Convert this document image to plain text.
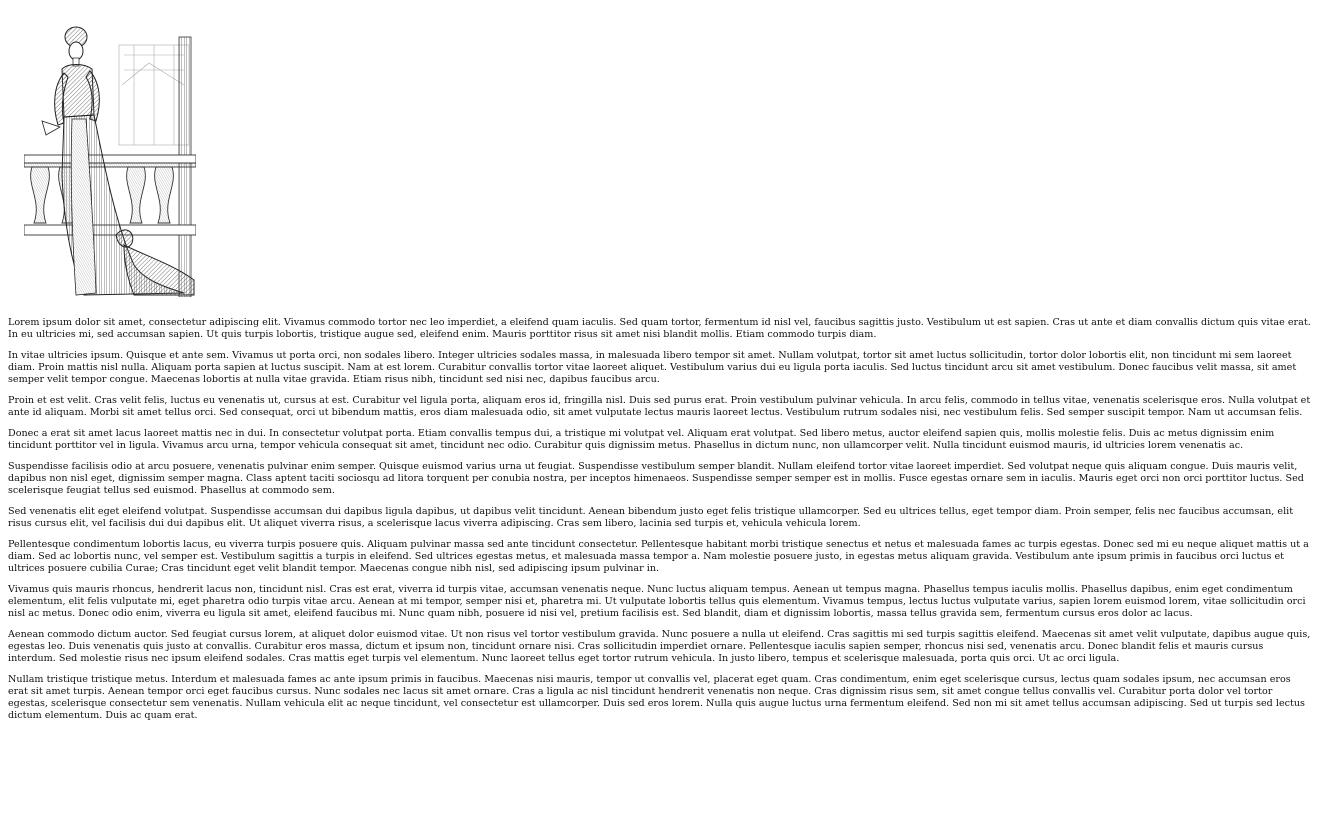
Lorem ipsum dolor sit amet, consectetur adipiscing elit. Vivamus commodo tortor nec leo imperdiet, a eleifend quam iaculis. Sed quam tortor, fermentum id nisl vel, faucibus sagittis justo. Vestibulum ut est sapien. Cras ut ante et diam convallis dictum quis vitae erat. In eu ultricies mi, sed accumsan sapien. Ut quis turpis lobortis, tristique augue sed, eleifend enim. Mauris porttitor risus sit amet nisi blandit mollis. Etiam commodo turpis diam.

In vitae ultricies ipsum. Quisque et ante sem. Vivamus ut porta orci, non sodales libero. Integer ultricies sodales massa, in malesuada libero tempor sit amet. Nullam volutpat, tortor sit amet luctus sollicitudin, tortor dolor lobortis elit, non tincidunt mi sem laoreet diam. Proin mattis nisl nulla. Aliquam porta sapien at luctus suscipit. Nam at est lorem. Curabitur convallis tortor vitae laoreet aliquet. Vestibulum varius dui eu ligula porta iaculis. Sed luctus tincidunt arcu sit amet vestibulum. Donec faucibus velit massa, sit amet semper velit tempor congue. Maecenas lobortis at nulla vitae gravida. Etiam risus nibh, tincidunt sed nisi nec, dapibus faucibus arcu.

Proin et est velit. Cras velit felis, luctus eu venenatis ut, cursus at est. Curabitur vel ligula porta, aliquam eros id, fringilla nisl. Duis sed purus erat. Proin vestibulum pulvinar vehicula. In arcu felis, commodo in tellus vitae, venenatis scelerisque eros. Nulla volutpat et ante id aliquam. Morbi sit amet tellus orci. Sed consequat, orci ut bibendum mattis, eros diam malesuada odio, sit amet vulputate lectus mauris laoreet lectus. Vestibulum rutrum sodales nisi, nec vestibulum felis. Sed semper suscipit tempor. Nam ut accumsan felis.

Donec a erat sit amet lacus laoreet mattis nec in dui. In consectetur volutpat porta. Etiam convallis tempus dui, a tristique mi volutpat vel. Aliquam erat volutpat. Sed libero metus, auctor eleifend sapien quis, mollis molestie felis. Duis ac metus dignissim enim tincidunt porttitor vel in ligula. Vivamus arcu urna, tempor vehicula consequat sit amet, tincidunt nec odio. Curabitur quis dignissim metus. Phasellus in dictum nunc, non ullamcorper velit. Nulla tincidunt euismod mauris, id ultricies lorem venenatis ac.

Suspendisse facilisis odio at arcu posuere, venenatis pulvinar enim semper. Quisque euismod varius urna ut feugiat. Suspendisse vestibulum semper blandit. Nullam eleifend tortor vitae laoreet imperdiet. Sed volutpat neque quis aliquam congue. Duis mauris velit, dapibus non nisl eget, dignissim semper magna. Class aptent taciti sociosqu ad litora torquent per conubia nostra, per inceptos himenaeos. Suspendisse semper semper est in mollis. Fusce egestas ornare sem in iaculis. Mauris eget orci non orci porttitor luctus. Sed scelerisque feugiat tellus sed euismod. Phasellus at commodo sem.

Sed venenatis elit eget eleifend volutpat. Suspendisse accumsan dui dapibus ligula dapibus, ut dapibus velit tincidunt. Aenean bibendum justo eget felis tristique ullamcorper. Sed eu ultrices tellus, eget tempor diam. Proin semper, felis nec faucibus accumsan, elit risus cursus elit, vel facilisis dui dui dapibus elit. Ut aliquet viverra risus, a scelerisque lacus viverra adipiscing. Cras sem libero, lacinia sed turpis et, vehicula vehicula lorem.

Pellentesque condimentum lobortis lacus, eu viverra turpis posuere quis. Aliquam pulvinar massa sed ante tincidunt consectetur. Pellentesque habitant morbi tristique senectus et netus et malesuada fames ac turpis egestas. Donec sed mi eu neque aliquet mattis ut a diam. Sed ac lobortis nunc, vel semper est. Vestibulum sagittis a turpis in eleifend. Sed ultrices egestas metus, et malesuada massa tempor a. Nam molestie posuere justo, in egestas metus aliquam gravida. Vestibulum ante ipsum primis in faucibus orci luctus et ultrices posuere cubilia Curae; Cras tincidunt eget velit blandit tempor. Maecenas congue nibh nisl, sed adipiscing ipsum pulvinar in.

Vivamus quis mauris rhoncus, hendrerit lacus non, tincidunt nisl. Cras est erat, viverra id turpis vitae, accumsan venenatis neque. Nunc luctus aliquam tempus. Aenean ut tempus magna. Phasellus tempus iaculis mollis. Phasellus dapibus, enim eget condimentum elementum, elit felis vulputate mi, eget pharetra odio turpis vitae arcu. Aenean at mi tempor, semper nisi et, pharetra mi. Ut vulputate lobortis tellus quis elementum. Vivamus tempus, lectus luctus vulputate varius, sapien lorem euismod lorem, vitae sollicitudin orci nisl ac metus. Donec odio enim, viverra eu ligula sit amet, eleifend faucibus mi. Nunc quam nibh, posuere id nisi vel, pretium facilisis est. Sed blandit, diam et dignissim lobortis, massa tellus gravida sem, fermentum cursus eros dolor ac lacus.

Aenean commodo dictum auctor. Sed feugiat cursus lorem, at aliquet dolor euismod vitae. Ut non risus vel tortor vestibulum gravida. Nunc posuere a nulla ut eleifend. Cras sagittis mi sed turpis sagittis eleifend. Maecenas sit amet velit vulputate, dapibus augue quis, egestas leo. Duis venenatis quis justo at convallis. Curabitur eros massa, dictum et ipsum non, tincidunt ornare nisi. Cras sollicitudin imperdiet ornare. Pellentesque iaculis sapien semper, rhoncus nisi sed, venenatis arcu. Donec blandit felis et mauris cursus interdum. Sed molestie risus nec ipsum eleifend sodales. Cras mattis eget turpis vel elementum. Nunc laoreet tellus eget tortor rutrum vehicula. In justo libero, tempus et scelerisque malesuada, porta quis orci. Ut ac orci ligula.

Nullam tristique tristique metus. Interdum et malesuada fames ac ante ipsum primis in faucibus. Maecenas nisi mauris, tempor ut convallis vel, placerat eget quam. Cras condimentum, enim eget scelerisque cursus, lectus quam sodales ipsum, nec accumsan eros erat sit amet turpis. Aenean tempor orci eget faucibus cursus. Nunc sodales nec lacus sit amet ornare. Cras a ligula ac nisl tincidunt hendrerit venenatis non neque. Cras dignissim risus sem, sit amet congue tellus convallis vel. Curabitur porta dolor vel tortor egestas, scelerisque consectetur sem venenatis. Nullam vehicula elit ac neque tincidunt, vel consectetur est ullamcorper. Duis sed eros lorem. Nulla quis augue luctus urna fermentum eleifend. Sed non mi sit amet tellus accumsan adipiscing. Sed ut turpis sed lectus dictum elementum. Duis ac quam erat.
